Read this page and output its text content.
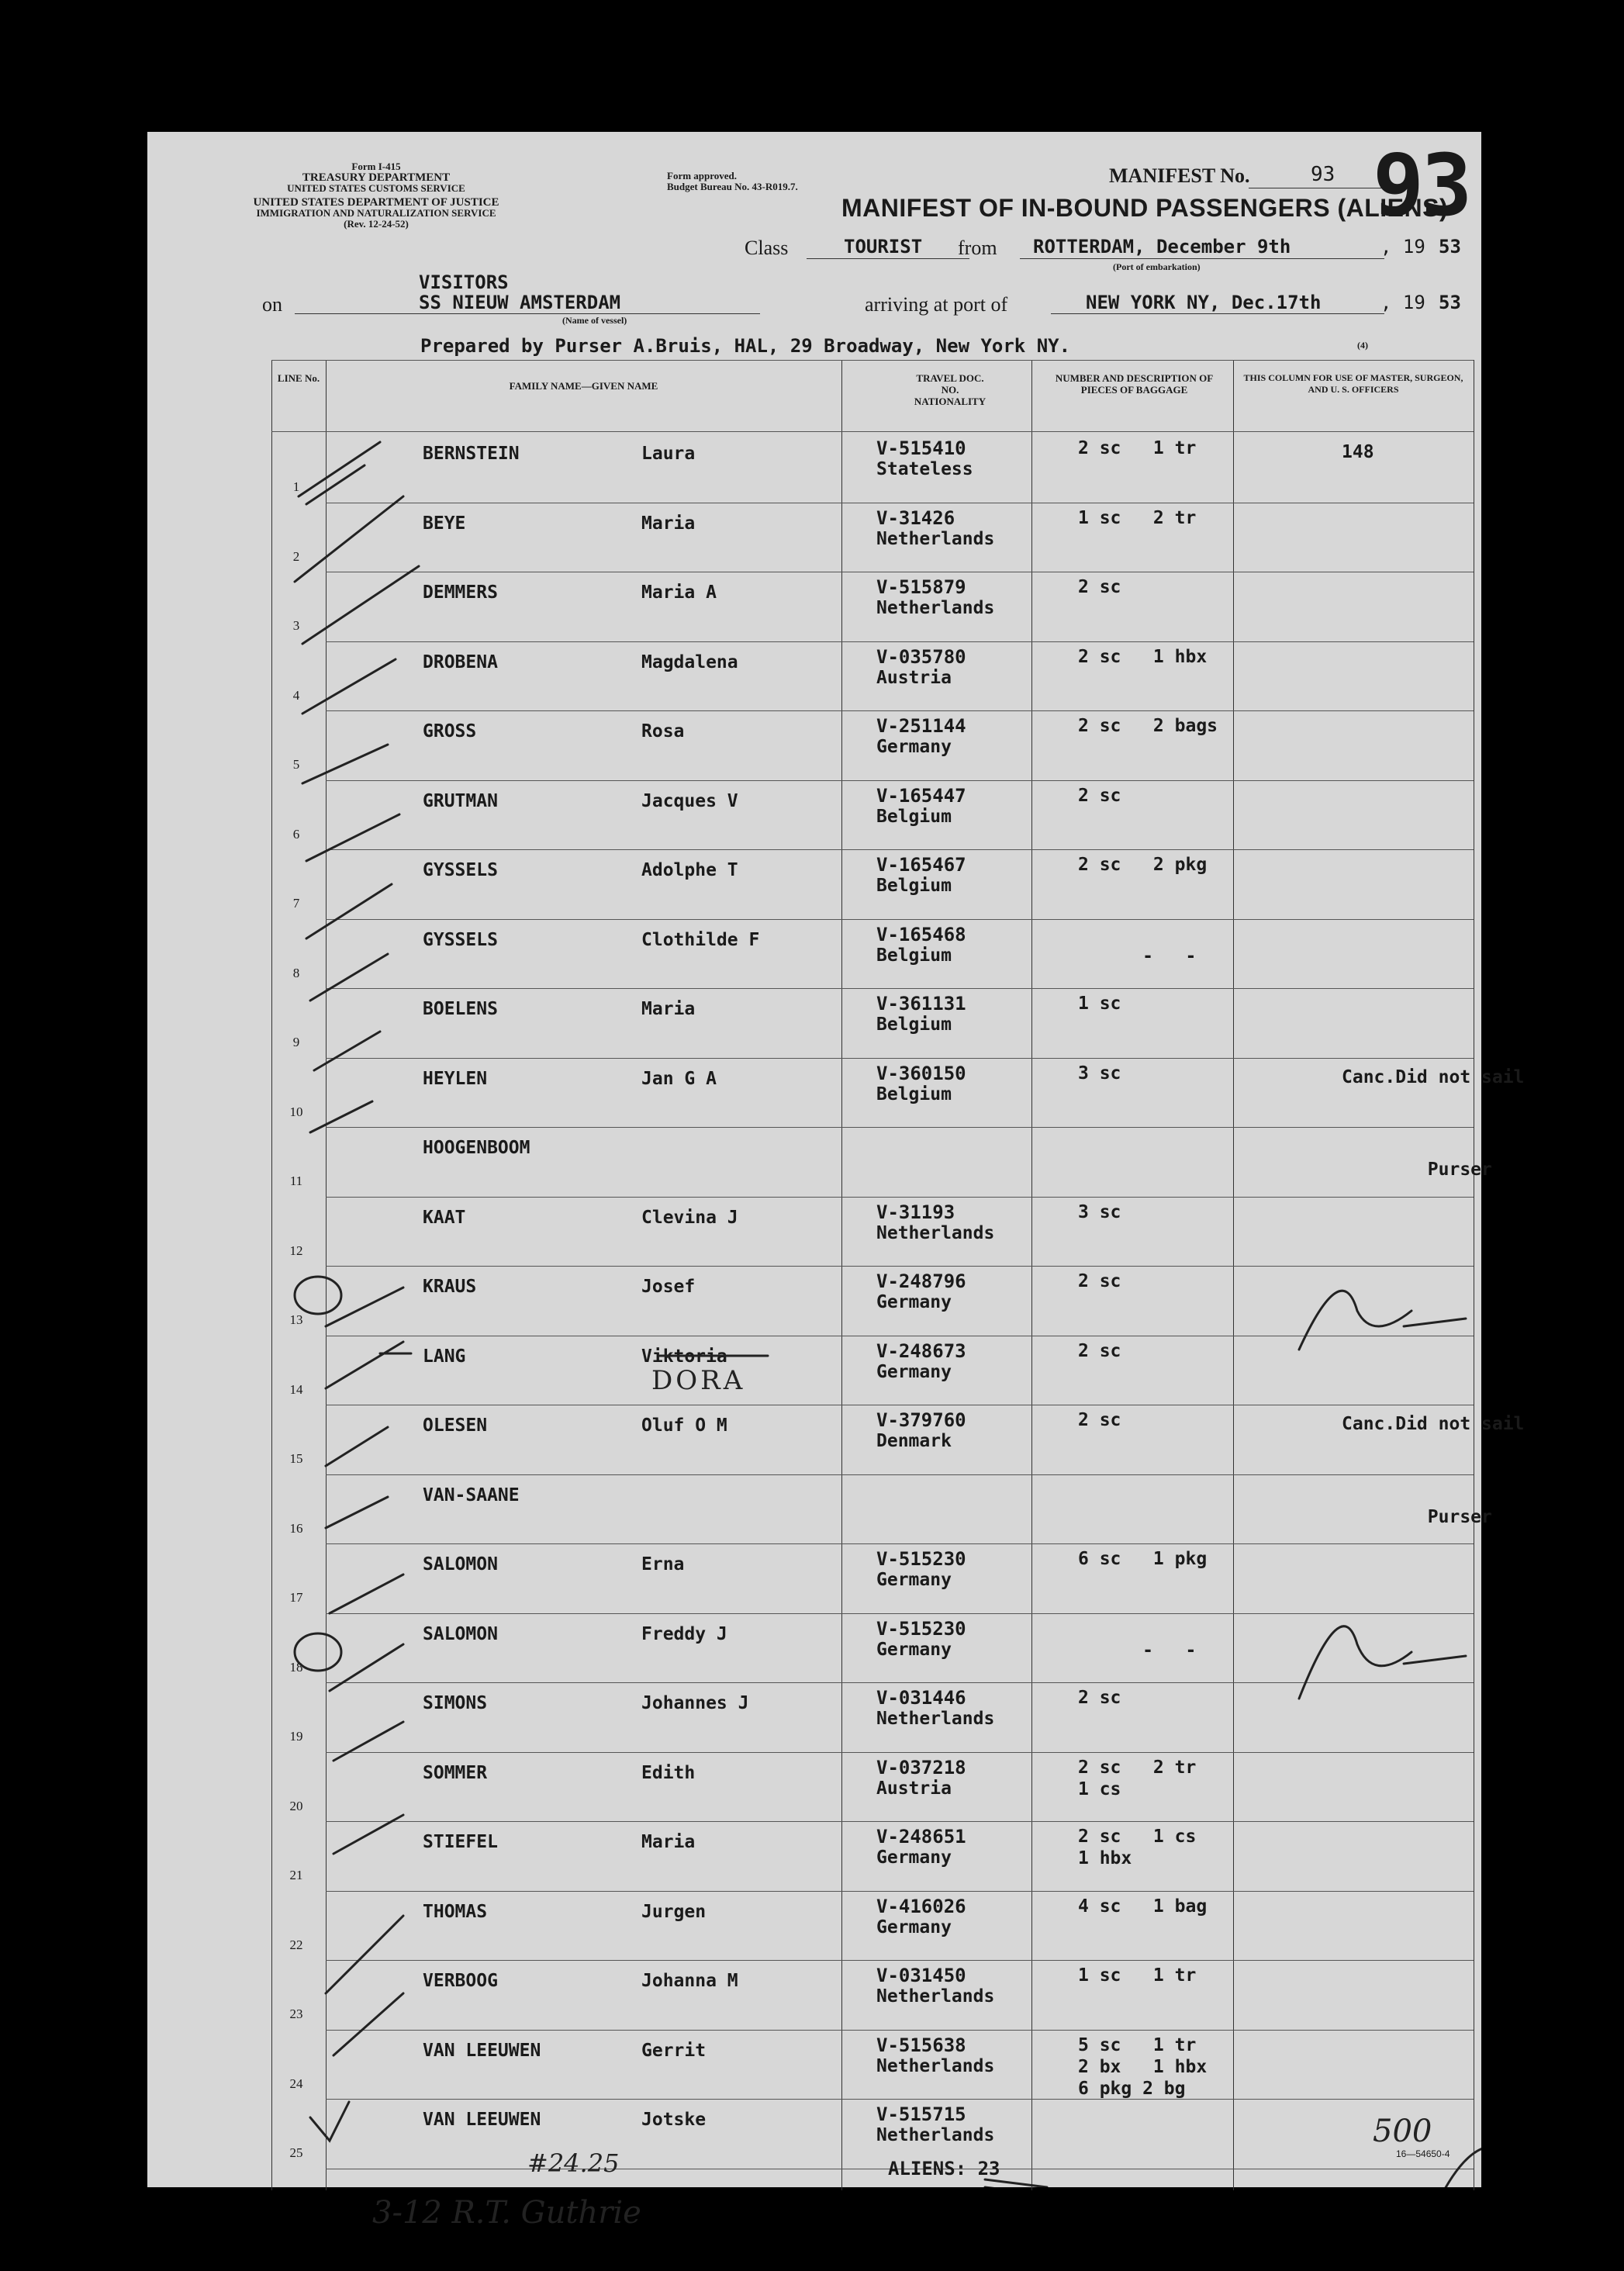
Form I-415
TREASURY DEPARTMENT
UNITED STATES CUSTOMS SERVICE
UNITED STATES DEPARTMENT OF JUSTICE
IMMIGRATION AND NATURALIZATION SERVICE
(Rev. 12-24-52)
Form approved.
Budget Bureau No. 43-R019.7.	MANIFEST No.	93 93
MANIFEST OF IN-BOUND PASSENGERS (ALIENS)
Class	TOURIST from ROTTERDAM, December 9th	, 19 53
(Port of embarkation)
VISITORS
on	SS NIEUW AMSTERDAM
(Name of vessel)
arriving at port of	NEW YORK NY, Dec.17th	, 19 53
Prepared by Purser A.Bruis, HAL, 29 Broadway, New York NY.	(4)
LINE No.
FAMILY NAME—GIVEN NAME
TRAVEL DOC. NO. NATIONALITY
NUMBER AND DESCRIPTION OF PIECES OF BAGGAGE
THIS COLUMN FOR USE OF MASTER, SURGEON, AND U. S. OFFICERS
1
BERNSTEIN	Laura	V-515410
Stateless
2 sc   1 tr	148
2
BEYE	Maria	V-31426
Netherlands
1 sc   2 tr
3
DEMMERS	Maria A	V-515879
Netherlands
2 sc
4
DROBENA	Magdalena	V-035780
Austria
2 sc   1 hbx
5
GROSS	Rosa	V-251144
Germany
2 sc   2 bags
6
GRUTMAN	Jacques V	V-165447
Belgium
2 sc
7
GYSSELS	Adolphe T	V-165467
Belgium
2 sc   2 pkg
8
GYSSELS	Clothilde F	V-165468
Belgium	
-   -
9
BOELENS	Maria	V-361131
Belgium
1 sc
10
HEYLEN	Jan G A	V-360150
Belgium
3 sc	Canc.Did not sail
11
HOOGENBOOM

Purser
12
KAAT	Clevina J	V-31193
Netherlands
3 sc
13
KRAUS	Josef	V-248796
Germany
2 sc
14
LANG	Viktoria	V-248673
Germany
2 sc
15
OLESEN	Oluf O M	V-379760
Denmark
2 sc	Canc.Did not sail
16
VAN-SAANE

Purser
17
SALOMON	Erna	V-515230
Germany
6 sc   1 pkg
18
SALOMON	Freddy J	V-515230
Germany	
-   -
19
SIMONS	Johannes J	V-031446
Netherlands
2 sc
20
SOMMER	Edith	V-037218
Austria
2 sc   2 tr
1 cs
21
STIEFEL	Maria	V-248651
Germany
2 sc   1 cs
1 hbx
22
THOMAS	Jurgen	V-416026
Germany
4 sc   1 bag
23
VERBOOG	Johanna M	V-031450
Netherlands
1 sc   1 tr
24
VAN LEEUWEN	Gerrit	V-515638
Netherlands
5 sc   1 tr
2 bx   1 hbx
6 pkg 2 bg
25
VAN LEEUWEN	Jotske	V-515715
Netherlands
DORA
#24.25
3-12 R.T. Guthrie
500
ALIENS: 23
16—54650-4
